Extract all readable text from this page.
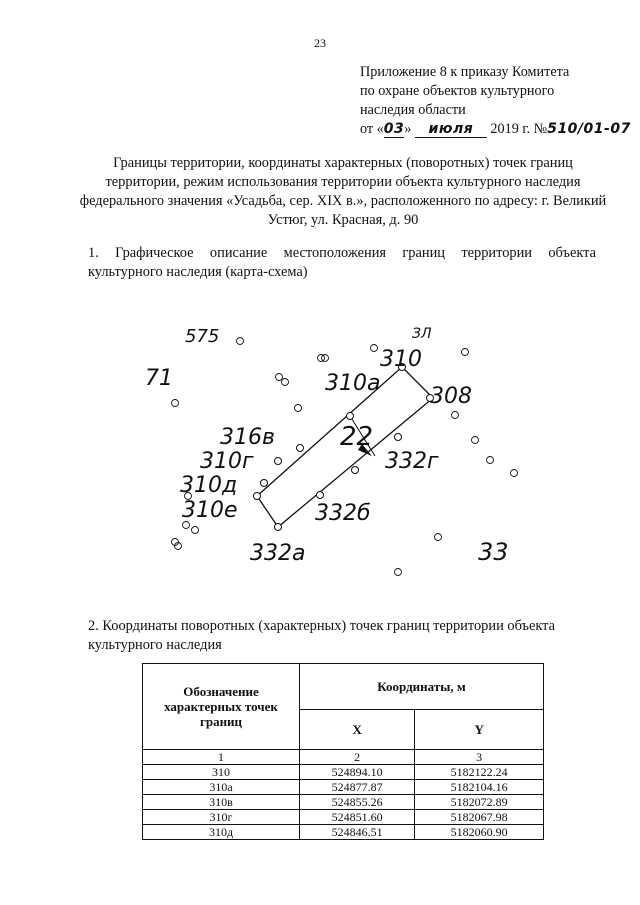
23
Приложение 8 к приказу Комитета
по охране объектов культурного
наследия области
от «03» июля 2019 г. №510/01-07
Границы территории, координаты характерных (поворотных) точек границ территории, режим использования территории объекта культурного наследия федерального значения «Усадьба, сер. XIX в.», расположенного по адресу: г. Великий Устюг, ул. Красная, д. 90
1. Графическое описание местоположения границ территории объекта культурного наследия (карта-схема)
310
310а
308
316в
310г
310д
310е
22
332г
332б
332а	33
71
575	ЗЛ
2. Координаты поворотных (характерных) точек границ территории объекта культурного наследия
Обозначение характерных точек границ	Координаты, м	
	X	Y
1	2	3
310	524894.10	5182122.24
310а	524877.87	5182104.16
310в	524855.26	5182072.89
310г	524851.60	5182067.98
310д	524846.51	5182060.90
